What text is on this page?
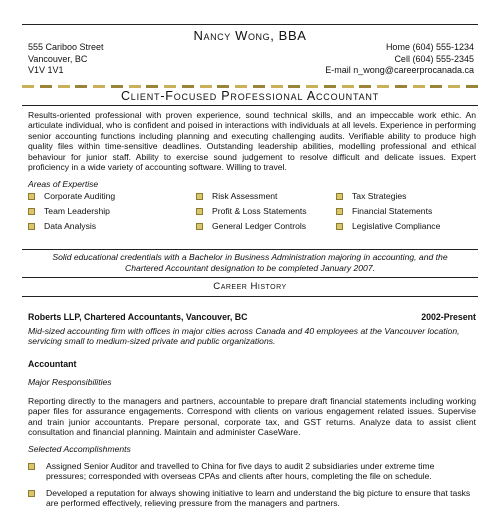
Nancy Wong, BBA
555 Cariboo Street
Vancouver, BC
V1V 1V1
Home (604) 555-1234
Cell (604) 555-2345
E-mail n_wong@careerprocanada.ca
Client-Focused Professional Accountant
Results-oriented professional with proven experience, sound technical skills, and an impeccable work ethic. An articulate individual, who is confident and poised in interactions with individuals at all levels. Experience in performing senior accounting functions including planning and executing challenging audits. Verifiable ability to produce high quality files within time-sensitive deadlines. Outstanding leadership abilities, modelling professional and ethical behaviour for junior staff. Ability to exercise sound judgement to resolve difficult and delicate issues. Expert proficiency in a wide variety of accounting software. Willing to travel.
Areas of Expertise
Corporate Auditing	Risk Assessment	Tax Strategies
Team Leadership	Profit & Loss Statements	Financial Statements
Data Analysis	General Ledger Controls	Legislative Compliance
Solid educational credentials with a Bachelor in Business Administration majoring in accounting, and the Chartered Accountant designation to be completed January 2007.
Career History
Roberts LLP, Chartered Accountants, Vancouver, BC	2002-Present
Mid-sized accounting firm with offices in major cities across Canada and 40 employees at the Vancouver location, servicing small to medium-sized private and public organizations.
Accountant
Major Responsibilities
Reporting directly to the managers and partners, accountable to prepare draft financial statements including working paper files for assurance engagements. Correspond with clients on various engagement related issues. Supervise and train junior accountants. Prepare personal, corporate tax, and GST returns. Analyze data to assist client consultation and financial planning. Maintain and administer CaseWare.
Selected Accomplishments
Assigned Senior Auditor and travelled to China for five days to audit 2 subsidiaries under extreme time pressures; corresponded with overseas CPAs and clients after hours, completing the file on schedule.
Developed a reputation for always showing initiative to learn and understand the big picture to ensure that tasks are performed effectively, relieving pressure from the managers and partners.
